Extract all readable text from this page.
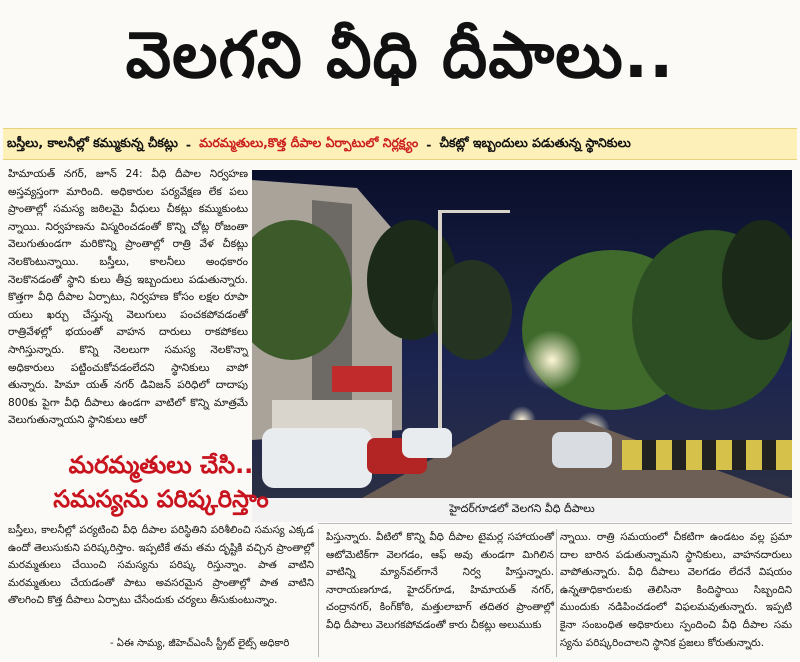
వెలగని వీధి దీపాలు..
బస్తీలు, కాలనీల్లో కమ్ముకున్న చీకట్లు - మరమ్మతులు,కొత్త దీపాల ఏర్పాటులో నిర్లక్ష్యం - చీకట్లో ఇబ్బందులు పడుతున్న స్థానికులు

హిమాయత్ నగర్, జూన్ 24: వీధి దీపాల నిర్వహణ అస్తవ్యస్తంగా మారింది. అధికారుల పర్యవేక్షణ లేక పలు ప్రాంతాల్లో సమస్య జఠిలమై వీధులు చీకట్లు కమ్ముకుంటు న్నాయి. నిర్వహణను విస్మరించడంతో కొన్ని చోట్ల రోజంతా వెలుగుతుండగా మరికొన్ని ప్రాంతాల్లో రాత్రి వేళ చీకట్లు నెలకొంటున్నాయి. బస్తీలు, కాలనీలు అంధకారం నెలకొనడంతో స్థాని కులు తీవ్ర ఇబ్బందులు పడుతున్నారు. కొత్తగా వీధి దీపాల ఏర్పాటు, నిర్వహణ కోసం లక్షల రూపా యలు ఖర్చు చేస్తున్న వెలుగులు పంచకపోవడంతో రాత్రివేళల్లో భయంతో వాహన దారులు రాకపోకలు సాగిస్తున్నారు. కొన్ని నెలలుగా సమస్య నెలకొన్నా అధికారులు పట్టించుకోవడంలేదని స్థానికులు వాపో తున్నారు. హిమా యత్ నగర్ డివిజన్ పరిధిలో దాదాపు 800కు పైగా వీధి దీపాలు ఉండగా వాటిలో కొన్ని మాత్రమే వెలుగుతున్నాయని స్థానికులు ఆరో

హైదర్‌గూడలో వెలగని వీధి దీపాలు
మరమ్మతులు చేసి..
సమస్యను పరిష్కరిస్తాం

బస్తీలు, కాలనీల్లో పర్యటించి వీధి దీపాల పరిస్థితిని పరిశీలించి సమస్య ఎక్కడ ఉందో తెలుసుకుని పరిష్కరిస్తాం. ఇప్పటికే తమ తమ దృష్టికి వచ్చిన ప్రాంతాల్లో మరమ్మతులు చేయించి సమస్యను పరిష్క రిస్తున్నాం. పాత వాటిని మరమ్మతులు చేయడంతో పాటు అవసరమైన ప్రాంతాల్లో పాత వాటిని తొలగించి కొత్త దీపాలు ఏర్పాటు చేసేందుకు చర్యలు తీసుకుంటున్నాం.

- ఏఈ సామ్య, జీహెచ్ఎంసీ స్ట్రీట్ లైట్స్ అధికారి
పిస్తున్నారు. వీటిలో కొన్ని వీధి దీపాల టైమర్ల సహాయంతో ఆటోమెటిక్‌గా వెలగడం, ఆఫ్ అవు తుండగా మిగిలిన వాటిన్ని మ్యాన్‌వల్‌గానే నిర్వ హిస్తున్నారు. నారాయణగూడ, హైదర్‌గూడ, హిమాయత్ నగర్, చంద్రానగర్, కింగ్‌కోఠి, మత్తులాబాగ్ తదితర ప్రాంతాల్లో వీధి దీపాలు వెలుగకపోవడంతో కారు చీకట్లు అలుముకు
న్నాయి. రాత్రి సమయంలో చీకటిగా ఉండటం వల్ల ప్రమా దాల బారిన పడుతున్నామని స్థానికులు, వాహనదారులు వాపోతున్నారు. వీధి దీపాలు వెలగడం లేదనే విషయం ఉన్నతాధికారులకు తెలిసినా కిందిస్థాయి సిబ్బందిని ముందుకు నడిపించడంలో విఫలమవుతున్నారు. ఇప్పటి కైనా సంబంధిత అధికారులు స్పందించి వీధి దీపాల సమ స్యను పరిష్కరించాలని స్థానిక ప్రజలు కోరుతున్నారు.
